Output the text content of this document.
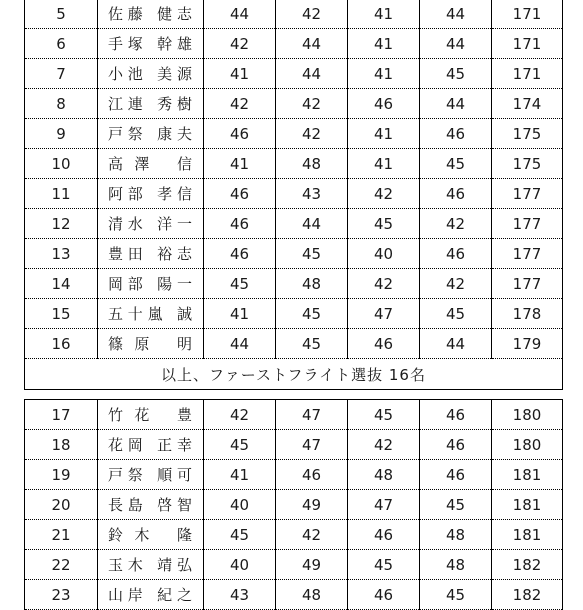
5	佐藤 健志	44	42	41	44	171
6	手塚 幹雄	42	44	41	44	171
7	小池 美源	41	44	41	45	171
8	江連 秀樹	42	42	46	44	174
9	戸祭 康夫	46	42	41	46	175
10	高澤 信	41	48	41	45	175
11	阿部 孝信	46	43	42	46	177
12	清水 洋一	46	44	45	42	177
13	豊田 裕志	46	45	40	46	177
14	岡部 陽一	45	48	42	42	177
15	五十嵐 誠	41	45	47	45	178
16	篠原 明	44	45	46	44	179
以上、ファーストフライト選抜 16名						
17	竹花 豊	42	47	45	46	180
18	花岡 正幸	45	47	42	46	180
19	戸祭 順可	41	46	48	46	181
20	長島 啓智	40	49	47	45	181
21	鈴木 隆	45	42	46	48	181
22	玉木 靖弘	40	49	45	48	182
23	山岸 紀之	43	48	46	45	182
